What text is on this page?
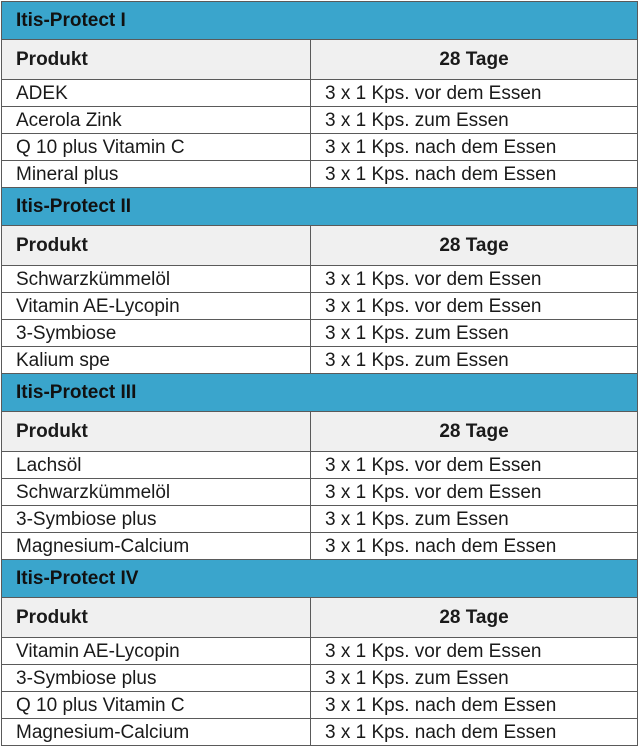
Itis-Protect I	
Produkt	28 Tage
ADEK	3 x 1 Kps. vor dem Essen
Acerola Zink	3 x 1 Kps. zum Essen
Q 10 plus Vitamin C	3 x 1 Kps. nach dem Essen
Mineral plus	3 x 1 Kps. nach dem Essen
Itis-Protect II	
Produkt	28 Tage
Schwarzkümmelöl	3 x 1 Kps. vor dem Essen
Vitamin AE-Lycopin	3 x 1 Kps. vor dem Essen
3-Symbiose	3 x 1 Kps. zum Essen
Kalium spe	3 x 1 Kps. zum Essen
Itis-Protect III	
Produkt	28 Tage
Lachsöl	3 x 1 Kps. vor dem Essen
Schwarzkümmelöl	3 x 1 Kps. vor dem Essen
3-Symbiose plus	3 x 1 Kps. zum Essen
Magnesium-Calcium	3 x 1 Kps. nach dem Essen
Itis-Protect IV	
Produkt	28 Tage
Vitamin AE-Lycopin	3 x 1 Kps. vor dem Essen
3-Symbiose plus	3 x 1 Kps. zum Essen
Q 10 plus Vitamin C	3 x 1 Kps. nach dem Essen
Magnesium-Calcium	3 x 1 Kps. nach dem Essen
